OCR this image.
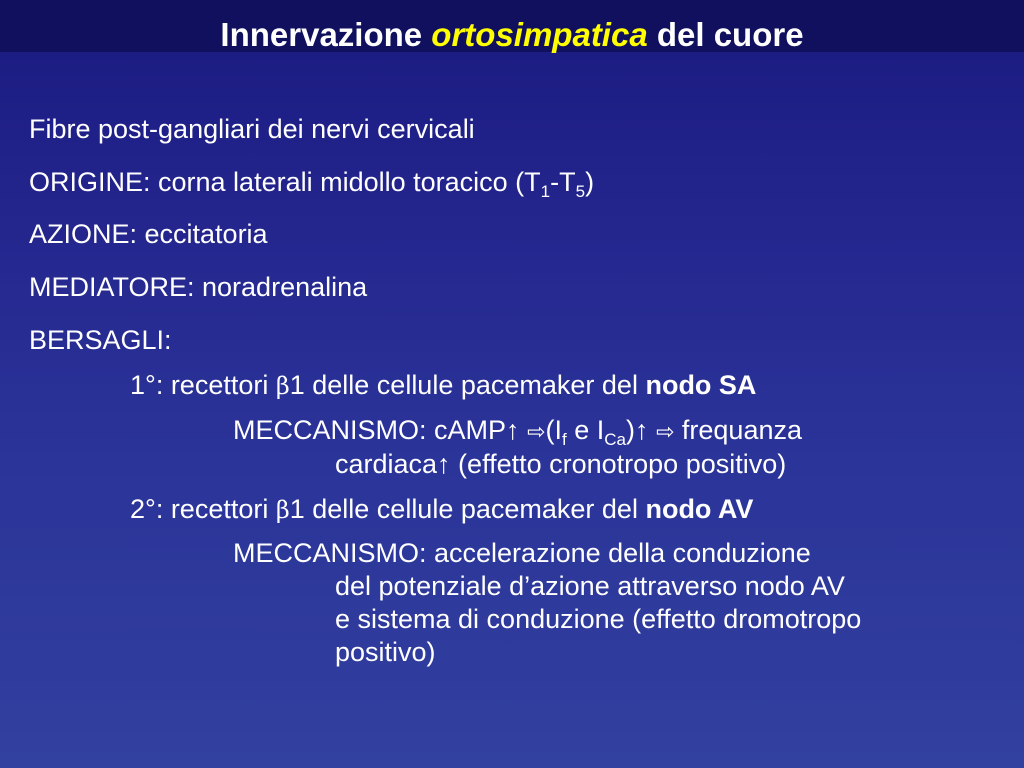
Innervazione ortosimpatica del cuore
Fibre post-gangliari dei nervi cervicali
ORIGINE: corna laterali midollo toracico $(T_1-T_5)$
AZIONE: eccitatoria
MEDIATORE: noradrenalina
BERSAGLI:
1°: recettori β1 delle cellule pacemaker del nodo SA
MECCANISMO: cAMP↑ $⇨(I_f$ e $I_{Ca})↑$ ⇨ frequanza
cardiaca↑ (effetto cronotropo positivo)
2°: recettori β1 delle cellule pacemaker del nodo AV
MECCANISMO: accelerazione della conduzione
del potenziale d’azione attraverso nodo AV
e sistema di conduzione (effetto dromotropo
positivo)
